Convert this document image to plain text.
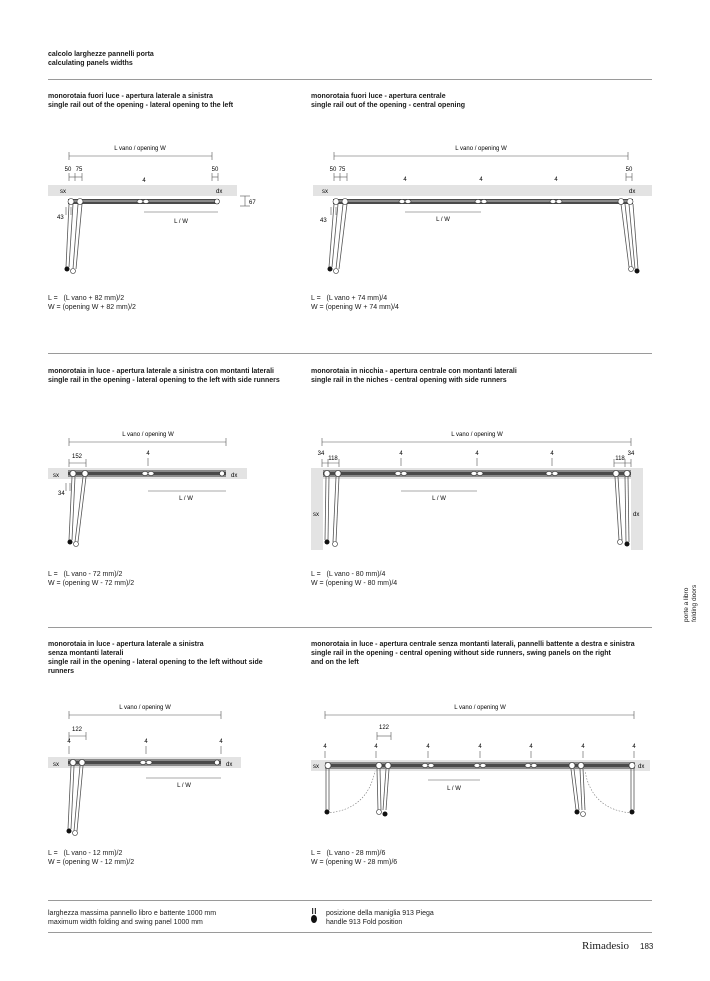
calcolo larghezze pannelli porta
calculating panels widths
monorotaia fuori luce - apertura laterale a sinistra
single rail out of the opening - lateral opening to the left
monorotaia fuori luce - apertura centrale
single rail out of the opening - central opening
L vano / opening W
50 75
4
50
67
43
L / W
sx	dx
L vano / opening W
50 75
4	4	4
50
43	L / W
sx	dx
L =   (L vano + 82 mm)/2
W = (opening W + 82 mm)/2
L =   (L vano + 74 mm)/4
W = (opening W + 74 mm)/4
monorotaia in luce - apertura laterale a sinistra con montanti laterali
single rail in the opening - lateral opening to the left with side runners
monorotaia in nicchia - apertura centrale con montanti laterali
single rail in the niches - central opening with side runners
L vano / opening W
152	4
34
L / W
sx	dx
L vano / opening W
34
118
4	4	4
118
34
L / W
sx	dx
L =   (L vano - 72 mm)/2
W = (opening W - 72 mm)/2
L =   (L vano - 80 mm)/4
W = (opening W - 80 mm)/4
porte a libro folding doors
monorotaia in luce - apertura laterale a sinistra
senza montanti laterali
single rail in the opening - lateral opening to the left without side
runners
monorotaia in luce - apertura centrale senza montanti laterali, pannelli battente a destra e sinistra
single rail in the opening - central opening without side runners, swing panels on the right
and on the left
L vano / opening W
122
4	4	4
L / W
sx	dx
L vano / opening W
122
4	4	4	4	4	4	4
L / W
sx	dx
L =   (L vano - 12 mm)/2
W = (opening W - 12 mm)/2
L =   (L vano - 28 mm)/6
W = (opening W - 28 mm)/6
larghezza massima pannello libro e battente 1000 mm
maximum width folding and swing panel 1000 mm
posizione della maniglia 913 Piega
handle 913 Fold position
Rimadesio 183
